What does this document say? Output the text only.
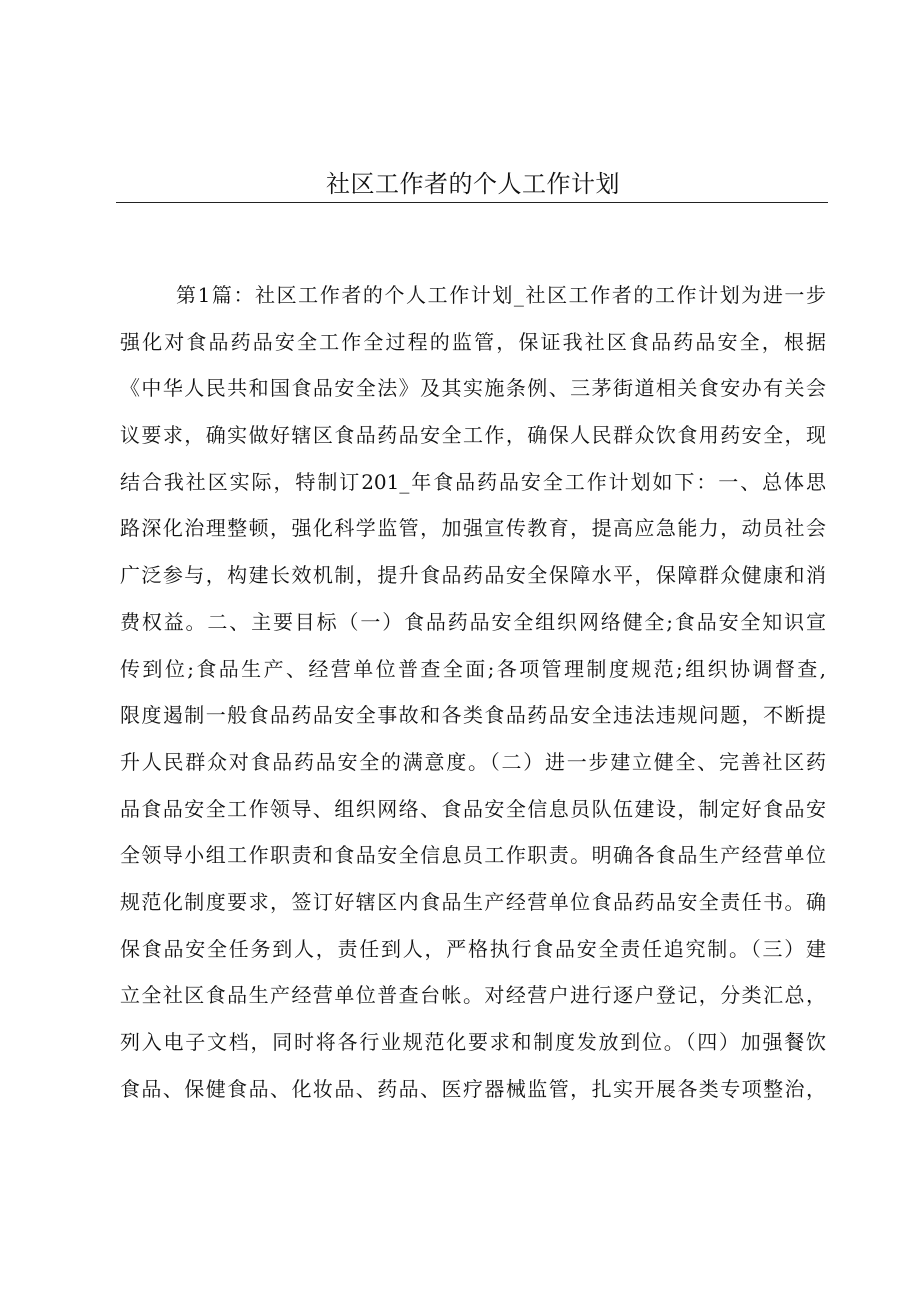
社区工作者的个人工作计划
第1篇：社区工作者的个人工作计划_社区工作者的工作计划为进一步
强化对食品药品安全工作全过程的监管，保证我社区食品药品安全，根据
《中华人民共和国食品安全法》及其实施条例、三茅街道相关食安办有关会
议要求，确实做好辖区食品药品安全工作，确保人民群众饮食用药安全，现
结合我社区实际，特制订201_年食品药品安全工作计划如下：一、总体思
路深化治理整顿，强化科学监管，加强宣传教育，提高应急能力，动员社会
广泛参与，构建长效机制，提升食品药品安全保障水平，保障群众健康和消
费权益。二、主要目标（一）食品药品安全组织网络健全;食品安全知识宣
传到位;食品生产、经营单位普查全面;各项管理制度规范;组织协调督查,
限度遏制一般食品药品安全事故和各类食品药品安全违法违规问题，不断提
升人民群众对食品药品安全的满意度。（二）进一步建立健全、完善社区药
品食品安全工作领导、组织网络、食品安全信息员队伍建设，制定好食品安
全领导小组工作职责和食品安全信息员工作职责。明确各食品生产经营单位
规范化制度要求，签订好辖区内食品生产经营单位食品药品安全责任书。确
保食品安全任务到人，责任到人，严格执行食品安全责任追究制。（三）建
立全社区食品生产经营单位普查台帐。对经营户进行逐户登记，分类汇总，
列入电子文档，同时将各行业规范化要求和制度发放到位。（四）加强餐饮
食品、保健食品、化妆品、药品、医疗器械监管，扎实开展各类专项整治，
